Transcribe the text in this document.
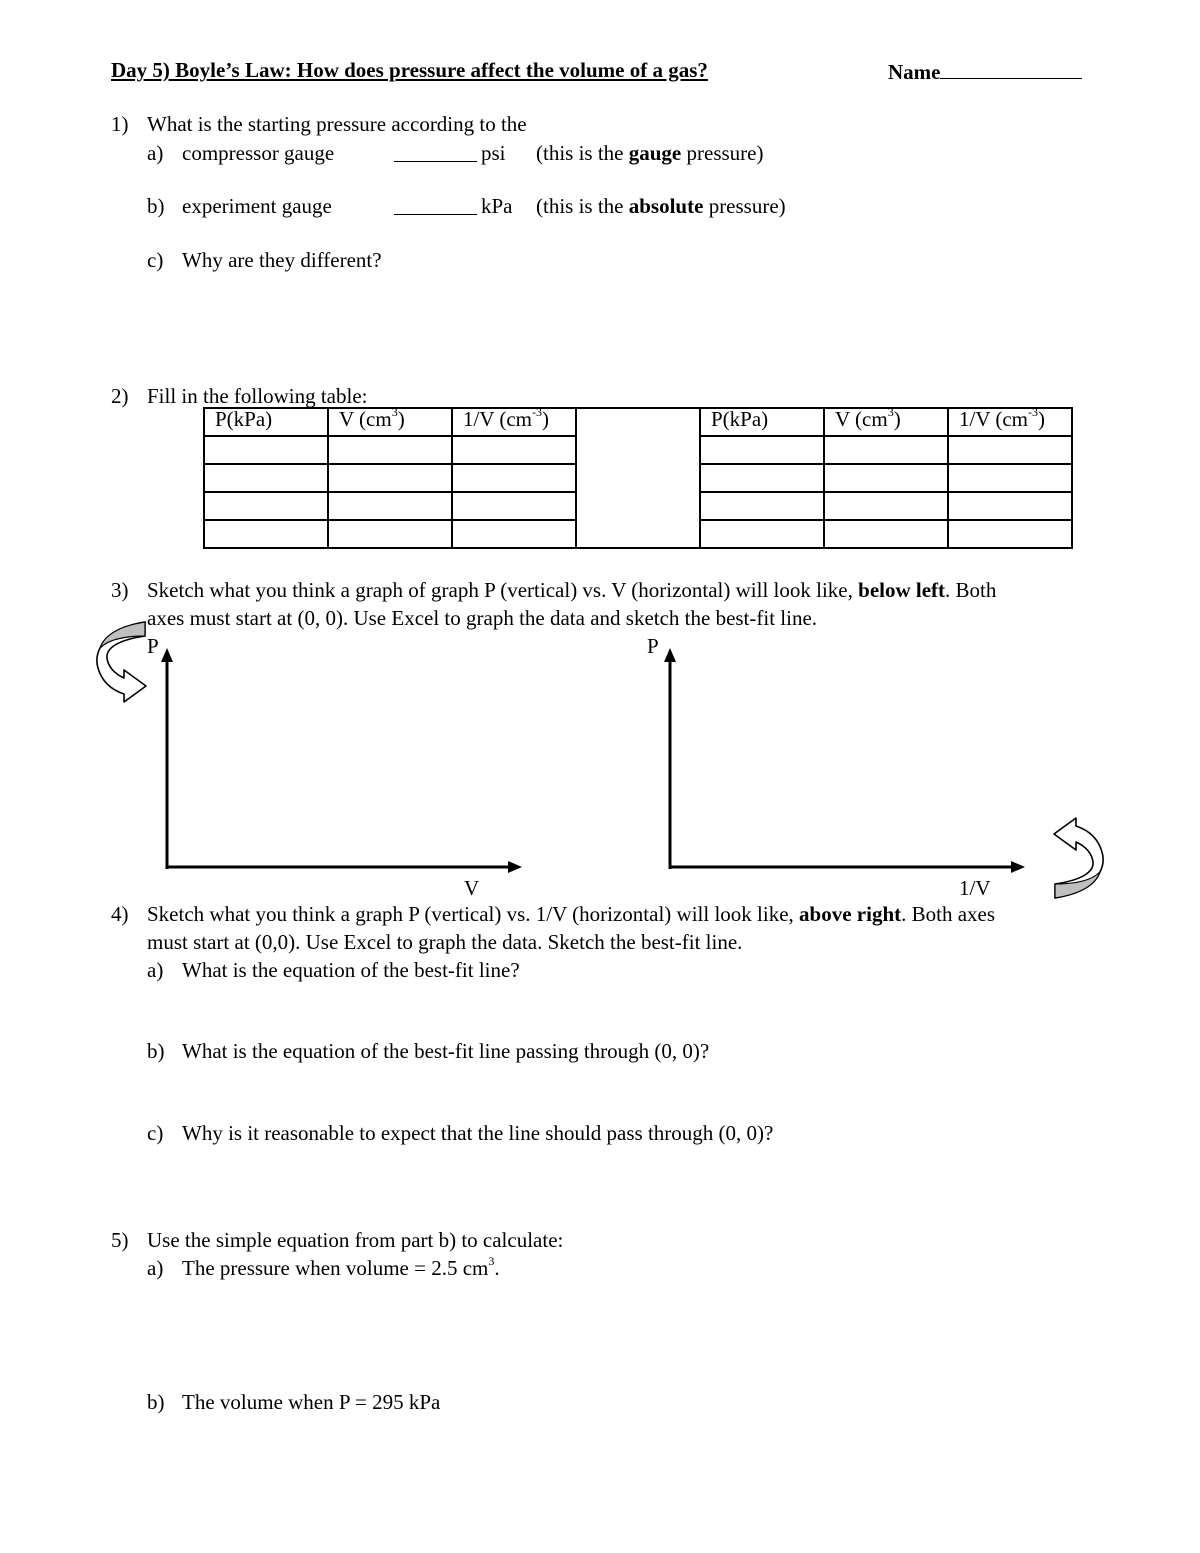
Day 5) Boyle’s Law: How does pressure affect the volume of a gas?	Name
1) What is the starting pressure according to the
a) compressor gauge	psi (this is the gauge pressure)
b) experiment gauge	kPa (this is the absolute pressure)
c) Why are they different?
2) Fill in the following table:
P(kPa)	V $(cm^3)$	1/V $(cm^{-3})$		P(kPa)	V $(cm^3)$	1/V $(cm^{-3})$

3) Sketch what you think a graph of graph P (vertical) vs. V (horizontal) will look like, below left. Both
axes must start at (0, 0). Use Excel to graph the data and sketch the best-fit line.
P
V
P
1/V
4) Sketch what you think a graph P (vertical) vs. 1/V (horizontal) will look like, above right. Both axes
must start at (0,0). Use Excel to graph the data. Sketch the best-fit line.
a) What is the equation of the best-fit line?
b) What is the equation of the best-fit line passing through (0, 0)?
c) Why is it reasonable to expect that the line should pass through (0, 0)?
5) Use the simple equation from part b) to calculate:
a) The pressure when volume = 2.5 $cm^3$.
b) The volume when P = 295 kPa
